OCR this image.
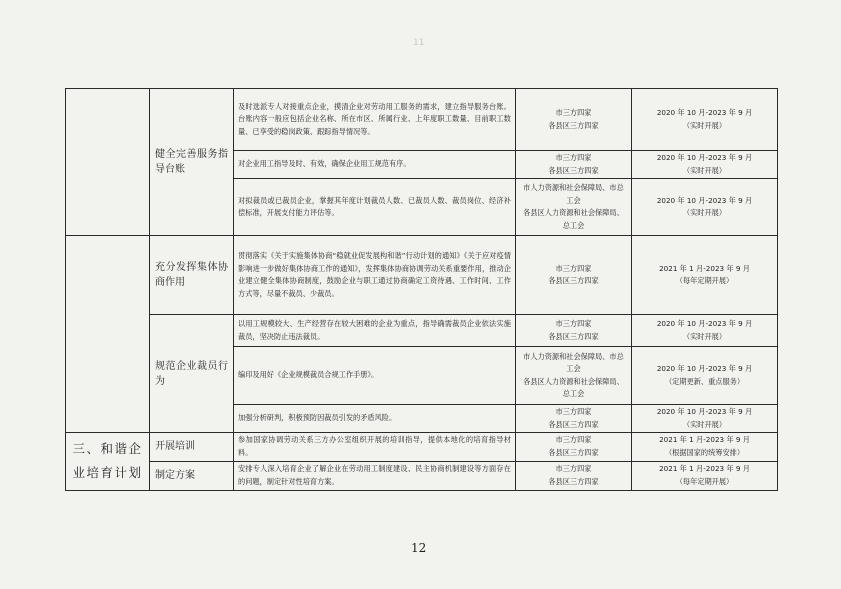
11
	健全完善服务指导台账	及时选派专人对接重点企业，摸清企业对劳动用工服务的需求，建立指导服务台账。台账内容一般应包括企业名称、所在市区、所属行业、上年度职工数量、目前职工数量、已享受的稳岗政策、跟踪指导情况等。	市三方四家
各县区三方四家	2020 年 10 月-2023 年 9 月
（实时开展）
		对企业用工指导及时、有效，确保企业用工规范有序。	市三方四家
各县区三方四家	2020 年 10 月-2023 年 9 月
（实时开展）
		对拟裁员或已裁员企业，掌握其年度计划裁员人数、已裁员人数、裁员岗位、经济补偿标准，开展支付能力评估等。	市人力资源和社会保障局、市总工会
各县区人力资源和社会保障局、总工会	2020 年 10 月-2023 年 9 月
（实时开展）
	充分发挥集体协商作用	贯彻落实《关于实施集体协商“稳就业促发展构和谐”行动计划的通知》《关于应对疫情影响进一步做好集体协商工作的通知》，发挥集体协商协调劳动关系重要作用，推动企业建立健全集体协商制度，鼓励企业与职工通过协商确定工资待遇、工作时间、工作方式等，尽量不裁员、少裁员。	市三方四家
各县区三方四家	2021 年 1 月-2023 年 9 月
（每年定期开展）
	规范企业裁员行为	以用工规模较大、生产经营存在较大困难的企业为重点，指导确需裁员企业依法实施裁员，坚决防止违法裁员。	市三方四家
各县区三方四家	2020 年 10 月-2023 年 9 月
（实时开展）
		编印及用好《企业规模裁员合规工作手册》。	市人力资源和社会保障局、市总工会
各县区人力资源和社会保障局、总工会	2020 年 10 月-2023 年 9 月
（定期更新、重点服务）
		加强分析研判，积极预防因裁员引发的矛盾风险。	市三方四家
各县区三方四家	2020 年 10 月-2023 年 9 月
（实时开展）
三、和谐企业培育计划	开展培训	参加国家协调劳动关系三方办公室组织开展的培训指导，提供本地化的培育指导材料。	市三方四家
各县区三方四家	2021 年 1 月-2023 年 9 月
（根据国家的统筹安排）
	制定方案	安排专人深入培育企业了解企业在劳动用工制度建设、民主协商机制建设等方面存在的问题，制定针对性培育方案。	市三方四家
各县区三方四家	2021 年 1 月-2023 年 9 月
（每年定期开展）
12
